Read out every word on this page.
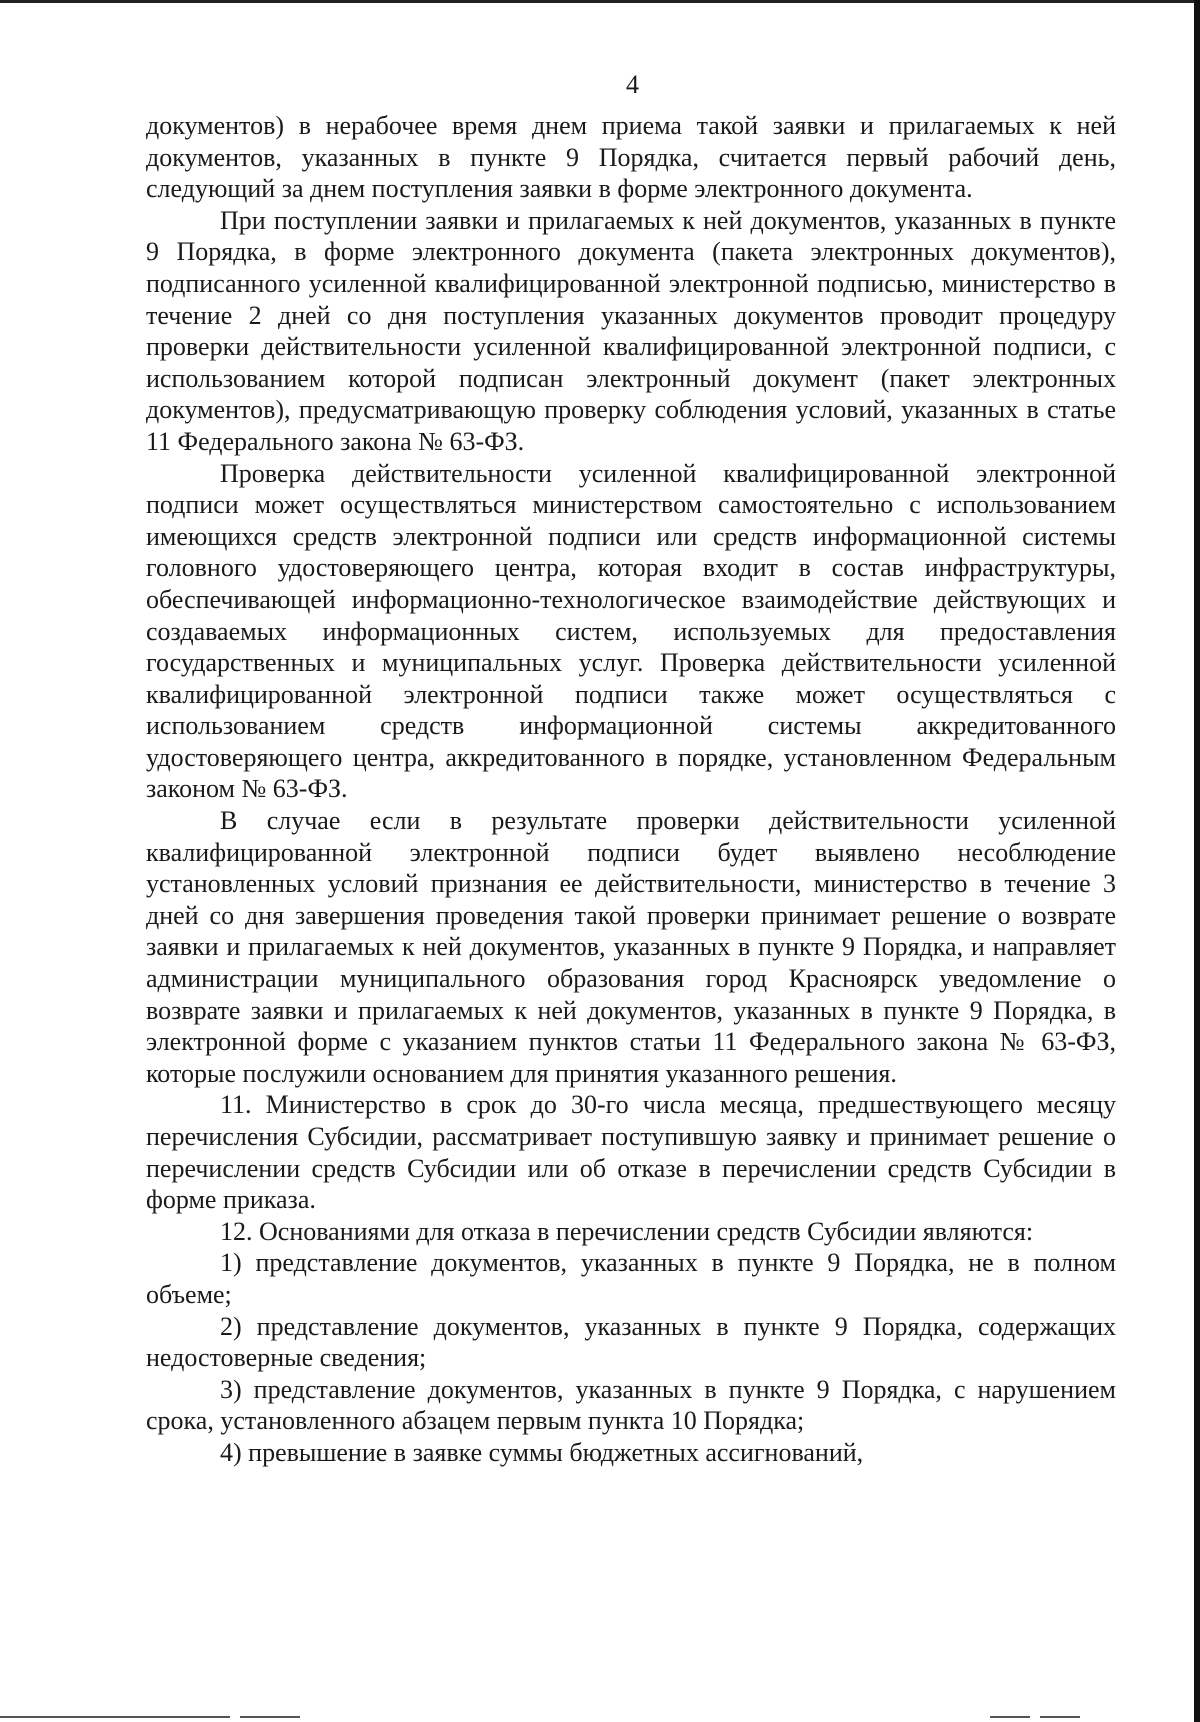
4

документов) в нерабочее время днем приема такой заявки и прилагаемых к ней документов, указанных в пункте 9 Порядка, считается первый рабочий день, следующий за днем поступления заявки в форме электронного документа.

При поступлении заявки и прилагаемых к ней документов, указанных в пункте 9 Порядка, в форме электронного документа (пакета электронных документов), подписанного усиленной квалифицированной электронной подписью, министерство в течение 2 дней со дня поступления указанных документов проводит процедуру проверки действительности усиленной квалифицированной электронной подписи, с использованием которой подписан электронный документ (пакет электронных документов), предусматривающую проверку соблюдения условий, указанных в статье 11 Федерального закона № 63-ФЗ.

Проверка действительности усиленной квалифицированной электронной подписи может осуществляться министерством самостоятельно с использованием имеющихся средств электронной подписи или средств информационной системы головного удостоверяющего центра, которая входит в состав инфраструктуры, обеспечивающей информационно-технологическое взаимодействие действующих и создаваемых информационных систем, используемых для предоставления государственных и муниципальных услуг. Проверка действительности усиленной квалифицированной электронной подписи также может осуществляться с использованием средств информационной системы аккредитованного удостоверяющего центра, аккредитованного в порядке, установленном Федеральным законом № 63-ФЗ.

В случае если в результате проверки действительности усиленной квалифицированной электронной подписи будет выявлено несоблюдение установленных условий признания ее действительности, министерство в течение 3 дней со дня завершения проведения такой проверки принимает решение о возврате заявки и прилагаемых к ней документов, указанных в пункте 9 Порядка, и направляет администрации муниципального образования город Красноярск уведомление о возврате заявки и прилагаемых к ней документов, указанных в пункте 9 Порядка, в электронной форме с указанием пунктов статьи 11 Федерального закона № 63-ФЗ, которые послужили основанием для принятия указанного решения.

11. Министерство в срок до 30-го числа месяца, предшествующего месяцу перечисления Субсидии, рассматривает поступившую заявку и принимает решение о перечислении средств Субсидии или об отказе в перечислении средств Субсидии в форме приказа.

12. Основаниями для отказа в перечислении средств Субсидии являются:

1) представление документов, указанных в пункте 9 Порядка, не в полном объеме;

2) представление документов, указанных в пункте 9 Порядка, содержащих недостоверные сведения;

3) представление документов, указанных в пункте 9 Порядка, с нарушением срока, установленного абзацем первым пункта 10 Порядка;

4) превышение в заявке суммы бюджетных ассигнований,
